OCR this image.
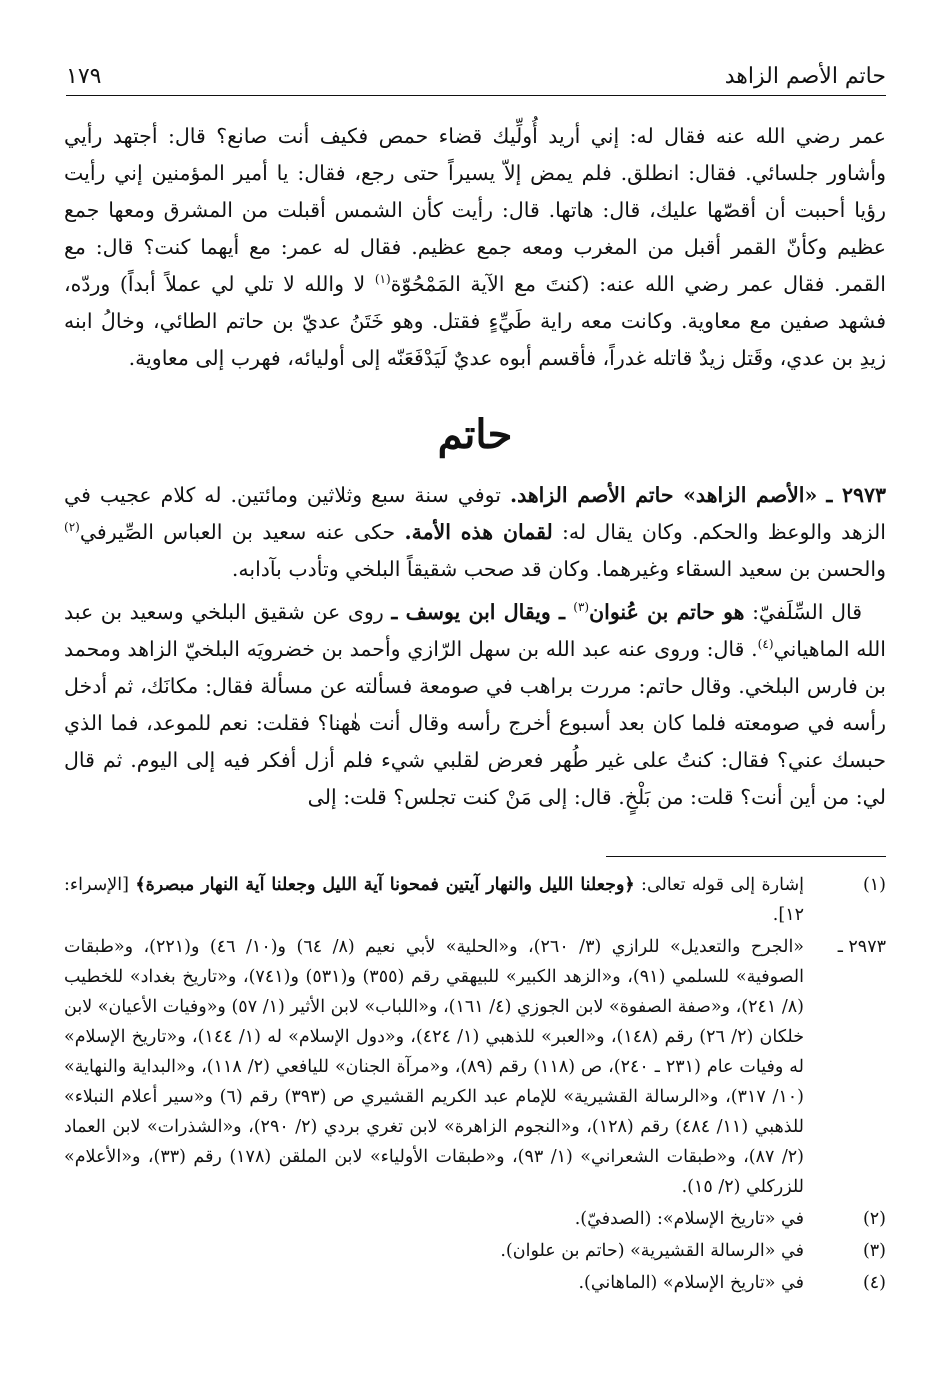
حاتم الأصم الزاهد
١٧٩

عمر رضي الله عنه فقال له: إني أريد أُولِّيك قضاء حمص فكيف أنت صانع؟ قال: أجتهد رأيي وأشاور جلسائي. فقال: انطلق. فلم يمض إلاّ يسيراً حتى رجع، فقال: يا أمير المؤمنين إني رأيت رؤيا أحببت أن أقصّها عليك، قال: هاتها. قال: رأيت كأن الشمس أقبلت من المشرق ومعها جمع عظيم وكأنّ القمر أقبل من المغرب ومعه جمع عظيم. فقال له عمر: مع أيهما كنت؟ قال: مع القمر. فقال عمر رضي الله عنه: (كنتَ مع الآية المَمْحُوّة$^{(١)}$ لا والله لا تلي لي عملاً أبداً) وردّه، فشهد صفين مع معاوية. وكانت معه راية طَيِّءٍ فقتل. وهو خَتَنُ عديّ بن حاتم الطائي، وخالُ ابنه زيدِ بن عدي، وقَتل زيدٌ قاتله غدراً، فأقسم أبوه عديٌ لَيَدْفَعَنّه إلى أوليائه، فهرب إلى معاوية.

حاتم

٢٩٧٣ ـ «الأصم الزاهد» حاتم الأصم الزاهد. توفي سنة سبع وثلاثين ومائتين. له كلام عجيب في الزهد والوعظ والحكم. وكان يقال له: لقمان هذه الأمة. حكى عنه سعيد بن العباس الصِّيرفي$^{(٢)}$ والحسن بن سعيد السقاء وغيرهما. وكان قد صحب شقيقاً البلخي وتأدب بآدابه.

قال السِّلَفيّ: هو حاتم بن عُنوان$^{(٣)}$ ـ ويقال ابن يوسف ـ روى عن شقيق البلخي وسعيد بن عبد الله الماهياني$^{(٤)}$. قال: وروى عنه عبد الله بن سهل الرّازي وأحمد بن خضرويَه البلخيّ الزاهد ومحمد بن فارس البلخي. وقال حاتم: مررت براهب في صومعة فسألته عن مسألة فقال: مكانَك، ثم أدخل رأسه في صومعته فلما كان بعد أسبوع أخرج رأسه وقال أنت هٰهنا؟ فقلت: نعم للموعد، فما الذي حبسك عني؟ فقال: كنتُ على غير طُهر فعرض لقلبي شيء فلم أزل أفكر فيه إلى اليوم. ثم قال لي: من أين أنت؟ قلت: من بَلْخٍ. قال: إلى مَنْ كنت تجلس؟ قلت: إلى

(١)
إشارة إلى قوله تعالى: ﴿وجعلنا الليل والنهار آيتين فمحونا آية الليل وجعلنا آية النهار مبصرة﴾ [الإسراء: ١٢].
٢٩٧٣ ـ
«الجرح والتعديل» للرازي (٣/ ٢٦٠)، و«الحلية» لأبي نعيم (٨/ ٦٤) و(١٠/ ٤٦) و(٢٢١)، و«طبقات الصوفية» للسلمي (٩١)، و«الزهد الكبير» للبيهقي رقم (٣٥٥) و(٥٣١) و(٧٤١)، و«تاريخ بغداد» للخطيب (٨/ ٢٤١)، و«صفة الصفوة» لابن الجوزي (٤/ ١٦١)، و«اللباب» لابن الأثير (١/ ٥٧) و«وفيات الأعيان» لابن خلكان (٢/ ٢٦) رقم (١٤٨)، و«العبر» للذهبي (١/ ٤٢٤)، و«دول الإسلام» له (١/ ١٤٤)، و«تاريخ الإسلام» له وفيات عام (٢٣١ ـ ٢٤٠)، ص (١١٨) رقم (٨٩)، و«مرآة الجنان» لليافعي (٢/ ١١٨)، و«البداية والنهاية» (١٠/ ٣١٧)، و«الرسالة القشيرية» للإمام عبد الكريم القشيري ص (٣٩٣) رقم (٦) و«سير أعلام النبلاء» للذهبي (١١/ ٤٨٤) رقم (١٢٨)، و«النجوم الزاهرة» لابن تغري بردي (٢/ ٢٩٠)، و«الشذرات» لابن العماد (٢/ ٨٧)، و«طبقات الشعراني» (١/ ٩٣)، و«طبقات الأولياء» لابن الملقن (١٧٨) رقم (٣٣)، و«الأعلام» للزركلي (٢/ ١٥).
(٢)
في «تاريخ الإسلام»: (الصدفيّ).
(٣)
في «الرسالة القشيرية» (حاتم بن علوان).
(٤)
في «تاريخ الإسلام» (الماهاني).
